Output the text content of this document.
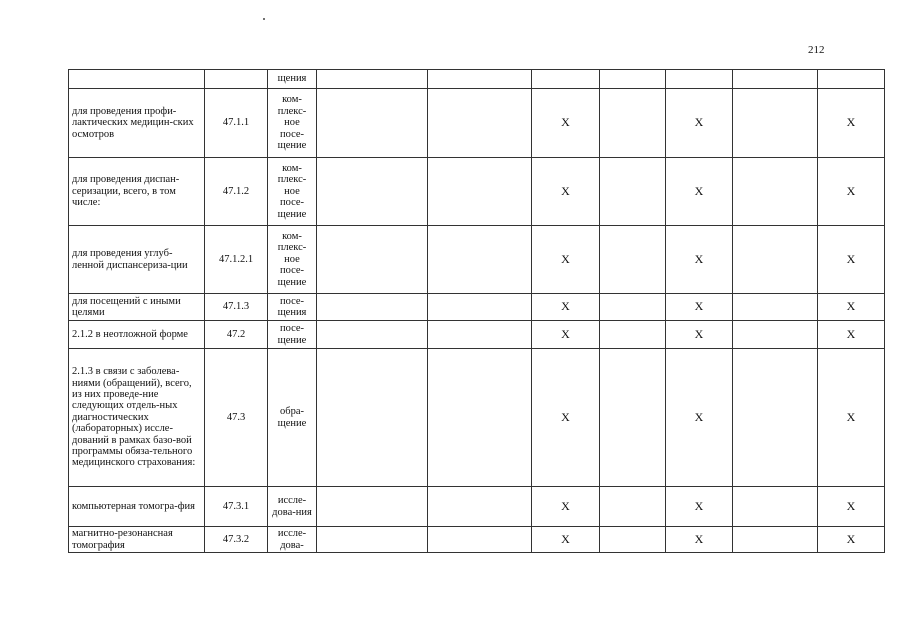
212
		щения							
для проведения профи-лактических медицин-ских осмотров	47.1.1	ком-плекс-ное посе-щение			X		X		X
для проведения диспан-серизации, всего, в том числе:	47.1.2	ком-плекс-ное посе-щение			X		X		X
для проведения углуб-ленной диспансеризa-ции	47.1.2.1	ком-плекс-ное посе-щение			X		X		X
для посещений с иными целями	47.1.3	посе-щения			X		X		X
2.1.2 в неотложной форме	47.2	посе-щение			X		X		X
2.1.3 в связи с заболева-ниями (обращений), всего, из них проведе-ние следующих отдель-ных диагностических (лабораторных) иссле-дований в рамках базо-вой программы обяза-тельного медицинского страхования:	47.3	обра-щение			X		X		X
компьютерная томогра-фия	47.3.1	иссле-дова-ния			X		X		X
магнитно-резонансная томография	47.3.2	иссле-дова-			X		X		X
